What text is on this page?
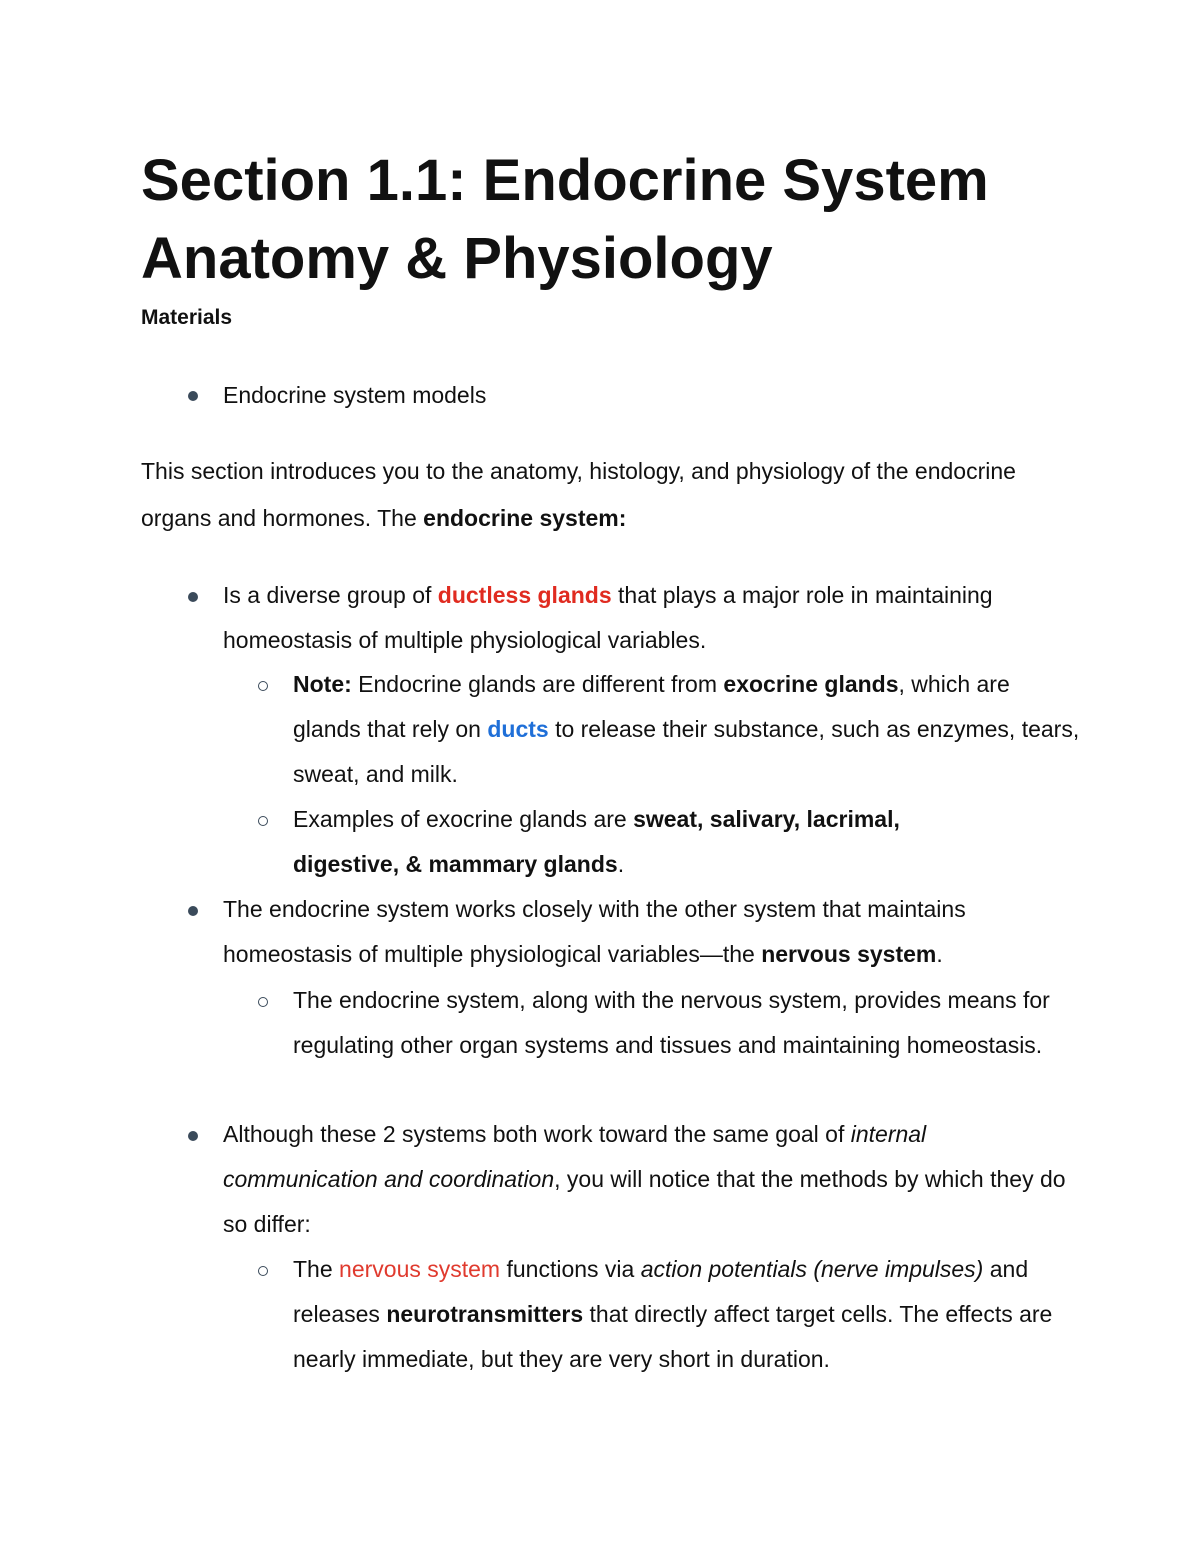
Section 1.1: Endocrine System
Anatomy & Physiology
Materials
Endocrine system models

This section introduces you to the anatomy, histology, and physiology of the endocrine organs and hormones. The endocrine system:

Is a diverse group of ductless glands that plays a major role in maintaining homeostasis of multiple physiological variables.
Note: Endocrine glands are different from exocrine glands, which are glands that rely on ducts to release their substance, such as enzymes, tears, sweat, and milk.
Examples of exocrine glands are sweat, salivary, lacrimal, digestive, & mammary glands.
The endocrine system works closely with the other system that maintains homeostasis of multiple physiological variables—the nervous system.
The endocrine system, along with the nervous system, provides means for regulating other organ systems and tissues and maintaining homeostasis.
Although these 2 systems both work toward the same goal of internal communication and coordination, you will notice that the methods by which they do so differ:
The nervous system functions via action potentials (nerve impulses) and releases neurotransmitters that directly affect target cells. The effects are nearly immediate, but they are very short in duration.
